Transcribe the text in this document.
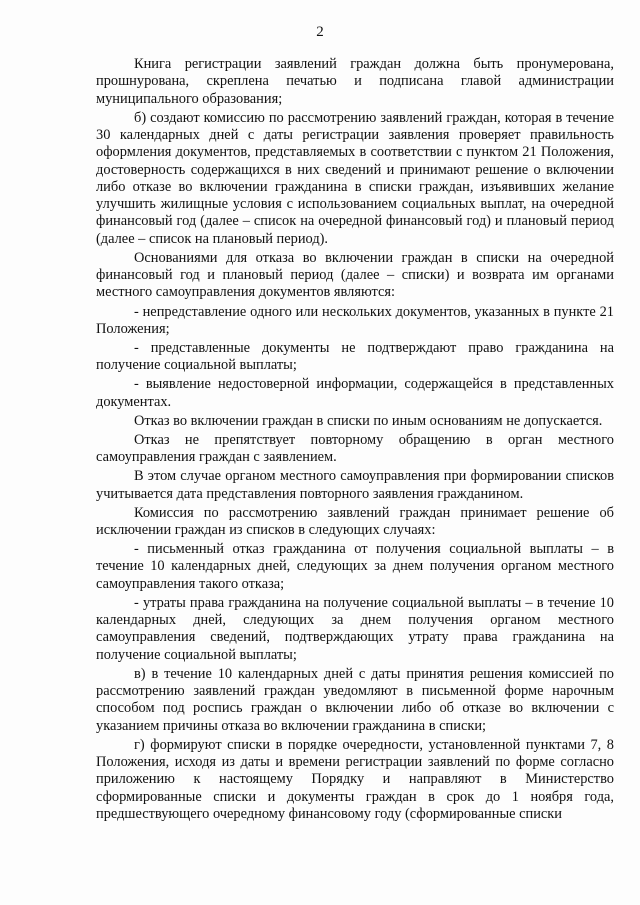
2

Книга регистрации заявлений граждан должна быть пронумерована, прошнурована, скреплена печатью и подписана главой администрации муниципального образования;

б) создают комиссию по рассмотрению заявлений граждан, которая в течение 30 календарных дней с даты регистрации заявления проверяет правильность оформления документов, представляемых в соответствии с пунктом 21 Положения, достоверность содержащихся в них сведений и принимают решение о включении либо отказе во включении гражданина в списки граждан, изъявивших желание улучшить жилищные условия с использованием социальных выплат, на очередной финансовый год (далее – список на очередной финансовый год) и плановый период (далее – список на плановый период).

Основаниями для отказа во включении граждан в списки на очередной финансовый год и плановый период (далее – списки) и возврата им органами местного самоуправления документов являются:

- непредставление одного или нескольких документов, указанных в пункте 21 Положения;

- представленные документы не подтверждают право гражданина на получение социальной выплаты;

- выявление недостоверной информации, содержащейся в представленных документах.

Отказ во включении граждан в списки по иным основаниям не допускается.

Отказ не препятствует повторному обращению в орган местного самоуправления граждан с заявлением.

В этом случае органом местного самоуправления при формировании списков учитывается дата представления повторного заявления гражданином.

Комиссия по рассмотрению заявлений граждан принимает решение об исключении граждан из списков в следующих случаях:

- письменный отказ гражданина от получения социальной выплаты – в течение 10 календарных дней, следующих за днем получения органом местного самоуправления такого отказа;

- утраты права гражданина на получение социальной выплаты – в течение 10 календарных дней, следующих за днем получения органом местного самоуправления сведений, подтверждающих утрату права гражданина на получение социальной выплаты;

в) в течение 10 календарных дней с даты принятия решения комиссией по рассмотрению заявлений граждан уведомляют в письменной форме нарочным способом под роспись граждан о включении либо об отказе во включении с указанием причины отказа во включении гражданина в списки;

г) формируют списки в порядке очередности, установленной пунктами 7, 8 Положения, исходя из даты и времени регистрации заявлений по форме согласно приложению к настоящему Порядку и направляют в Министерство сформированные списки и документы граждан в срок до 1 ноября года, предшествующего очередному финансовому году (сформированные списки
